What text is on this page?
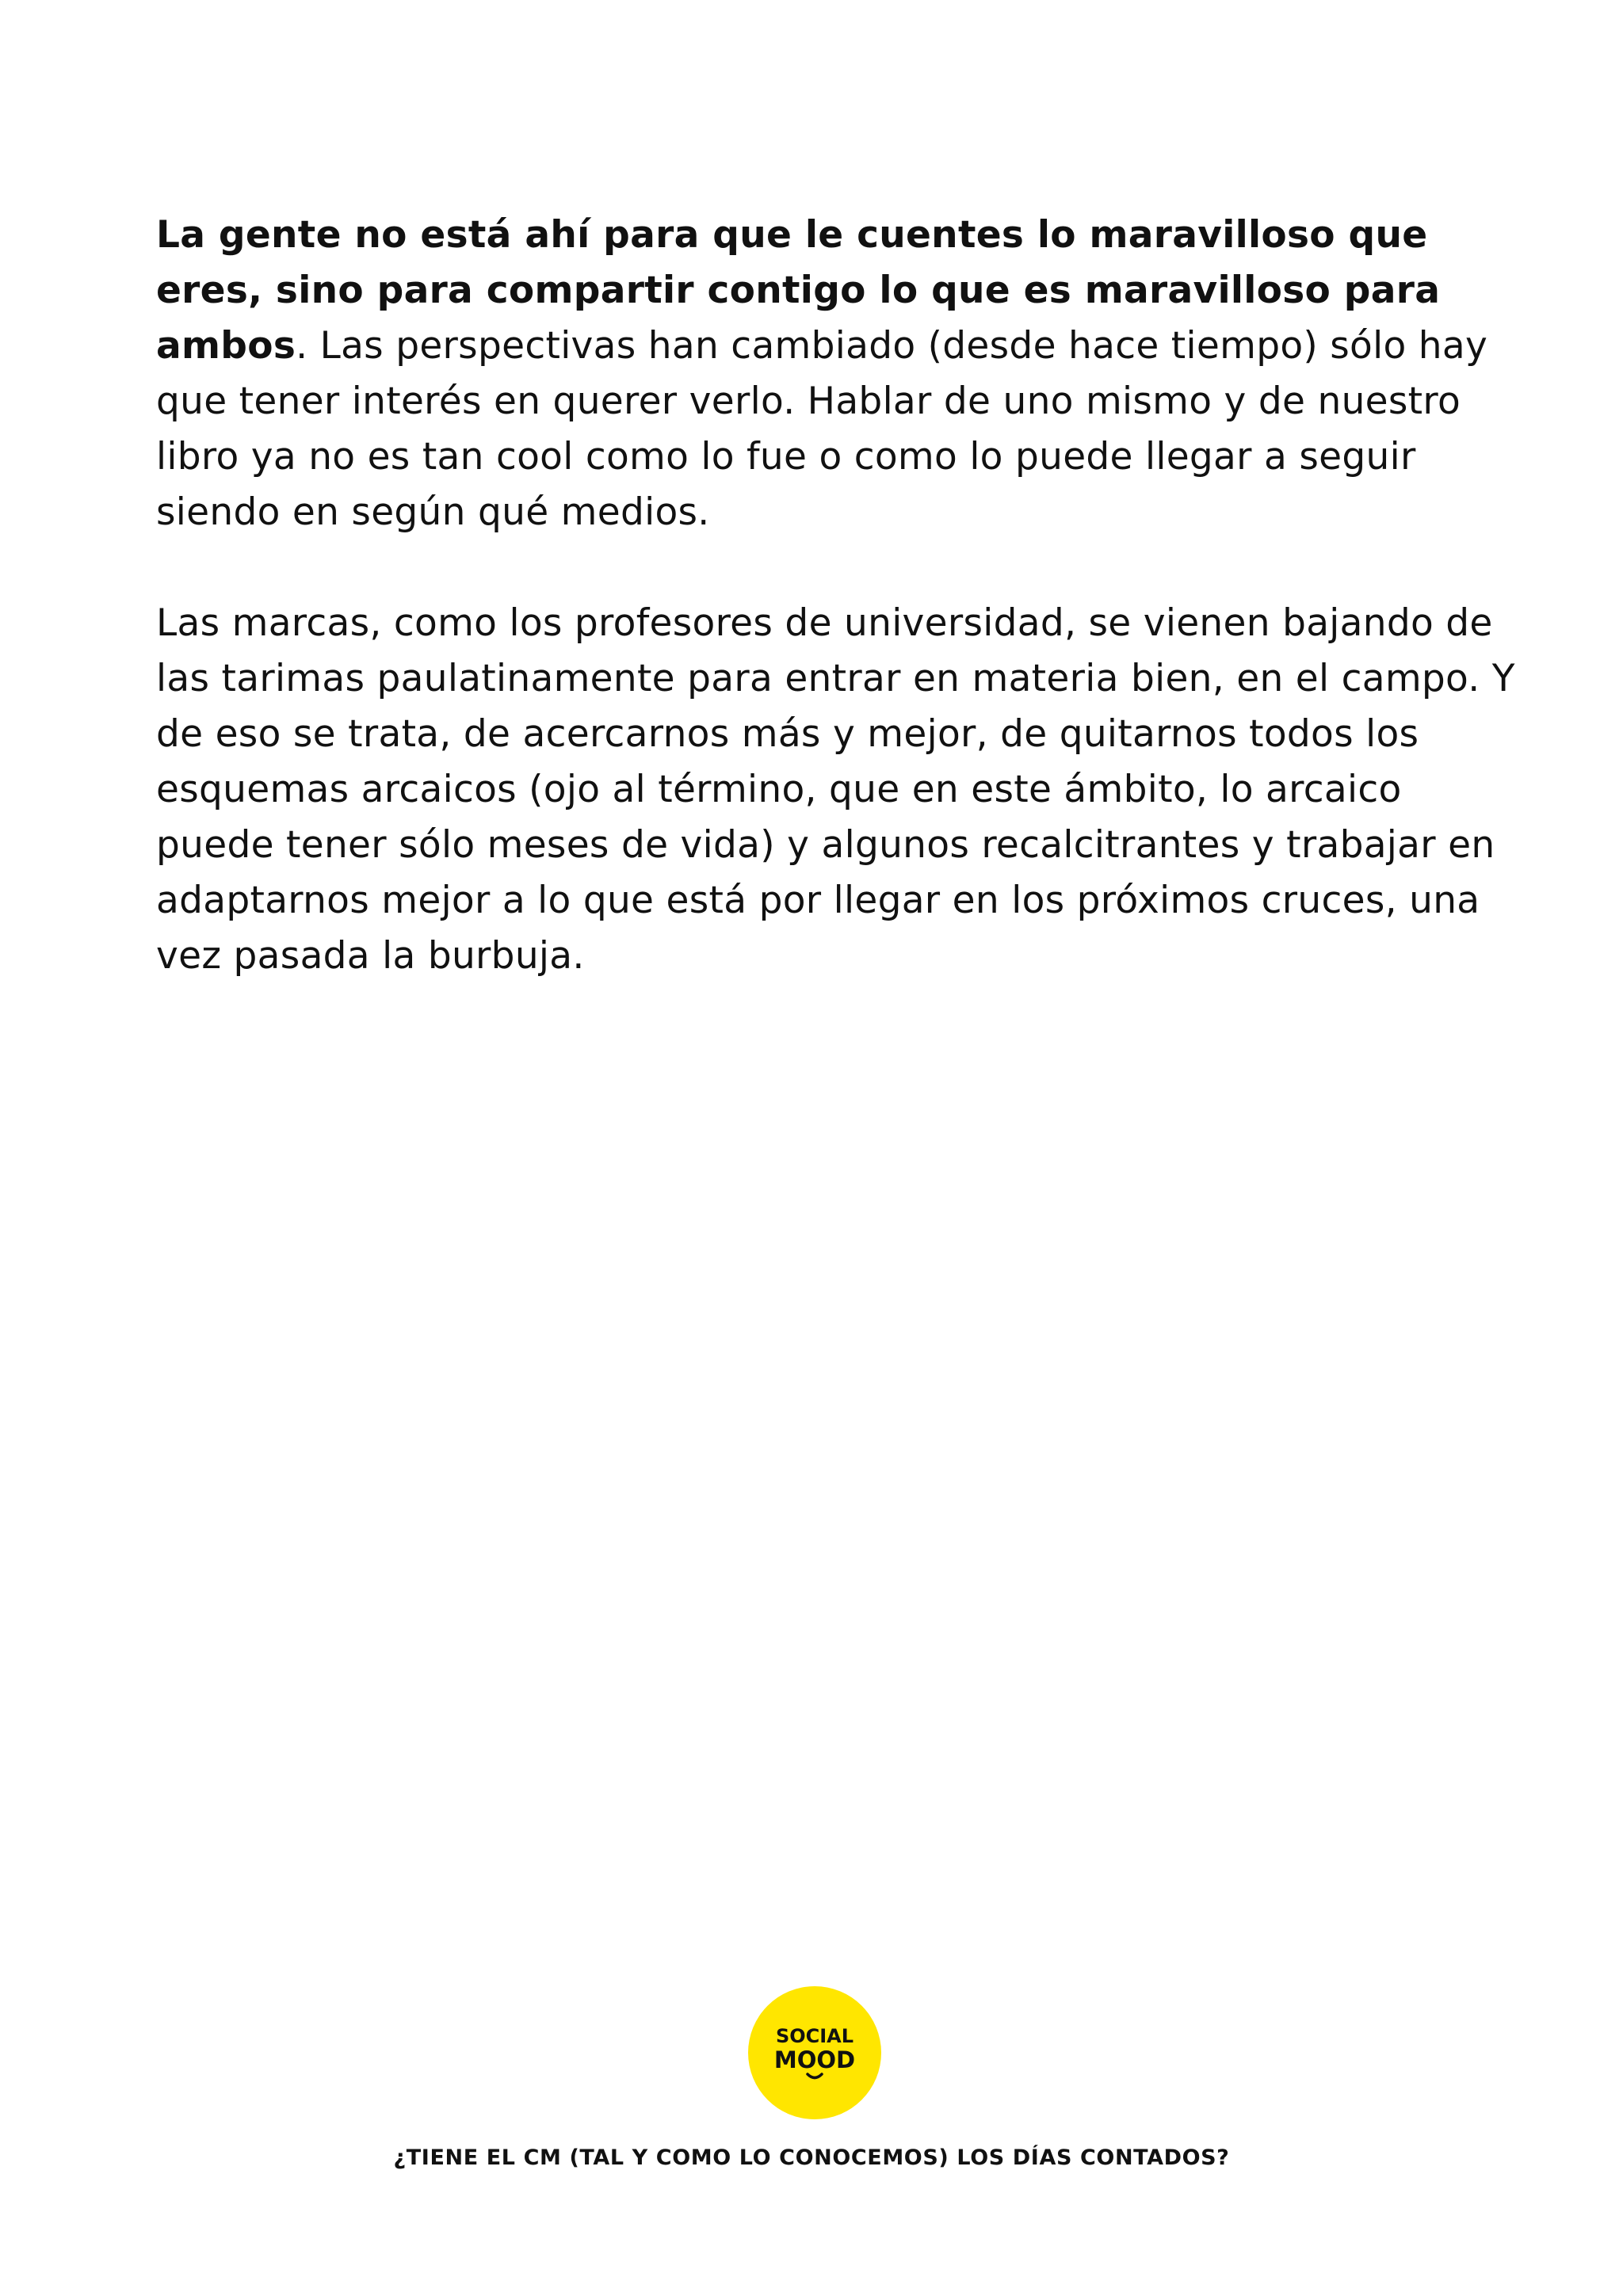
La gente no está ahí para que le cuentes lo maravilloso que eres, sino para compartir contigo lo que es maravilloso para ambos. Las perspectivas han cambiado (desde hace tiempo) sólo hay que tener interés en querer verlo. Hablar de uno mismo y de nuestro libro ya no es tan cool como lo fue o como lo puede llegar a seguir siendo en según qué medios.

Las marcas, como los profesores de universidad, se vienen bajando de las tarimas paulatinamente para entrar en materia bien, en el campo. Y de eso se trata, de acercarnos más y mejor, de quitarnos todos los esquemas arcaicos (ojo al término, que en este ámbito, lo arcaico puede tener sólo meses de vida) y algunos recalcitrantes y trabajar en adaptarnos mejor a lo que está por llegar en los próximos cruces, una vez pasada la burbuja.

SOCIAL
MOOD
¿TIENE EL CM (TAL Y COMO LO CONOCEMOS) LOS DÍAS CONTADOS?
